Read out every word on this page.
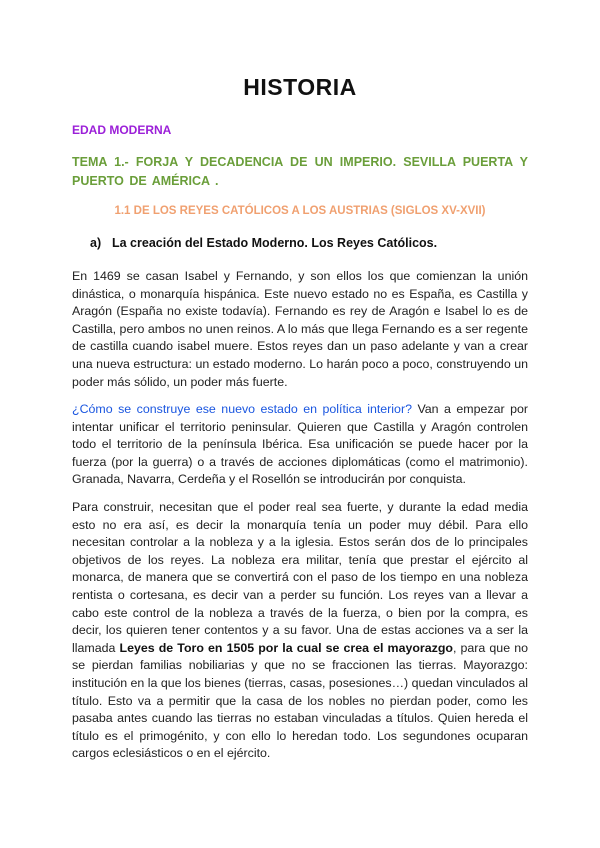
HISTORIA
EDAD MODERNA
TEMA 1.- FORJA Y DECADENCIA DE UN IMPERIO. SEVILLA PUERTA Y PUERTO DE AMÉRICA .
1.1 DE LOS REYES CATÓLICOS A LOS AUSTRIAS (SIGLOS XV-XVII)
a) La creación del Estado Moderno. Los Reyes Católicos.

En 1469 se casan Isabel y Fernando, y son ellos los que comienzan la unión dinástica, o monarquía hispánica. Este nuevo estado no es España, es Castilla y Aragón (España no existe todavía). Fernando es rey de Aragón e Isabel lo es de Castilla, pero ambos no unen reinos. A lo más que llega Fernando es a ser regente de castilla cuando isabel muere. Estos reyes dan un paso adelante y van a crear una nueva estructura: un estado moderno. Lo harán poco a poco, construyendo un poder más sólido, un poder más fuerte.

¿Cómo se construye ese nuevo estado en política interior? Van a empezar por intentar unificar el territorio peninsular. Quieren que Castilla y Aragón controlen todo el territorio de la península Ibérica. Esa unificación se puede hacer por la fuerza (por la guerra) o a través de acciones diplomáticas (como el matrimonio). Granada, Navarra, Cerdeña y el Rosellón se introducirán por conquista.

Para construir, necesitan que el poder real sea fuerte, y durante la edad media esto no era así, es decir la monarquía tenía un poder muy débil. Para ello necesitan controlar a la nobleza y a la iglesia. Estos serán dos de lo principales objetivos de los reyes. La nobleza era militar, tenía que prestar el ejército al monarca, de manera que se convertirá con el paso de los tiempo en una nobleza rentista o cortesana, es decir van a perder su función. Los reyes van a llevar a cabo este control de la nobleza a través de la fuerza, o bien por la compra, es decir, los quieren tener contentos y a su favor. Una de estas acciones va a ser la llamada Leyes de Toro en 1505 por la cual se crea el mayorazgo, para que no se pierdan familias nobiliarias y que no se fraccionen las tierras. Mayorazgo: institución en la que los bienes (tierras, casas, posesiones…) quedan vinculados al título. Esto va a permitir que la casa de los nobles no pierdan poder, como les pasaba antes cuando las tierras no estaban vinculadas a títulos. Quien hereda el título es el primogénito, y con ello lo heredan todo. Los segundones ocuparan cargos eclesiásticos o en el ejército.
